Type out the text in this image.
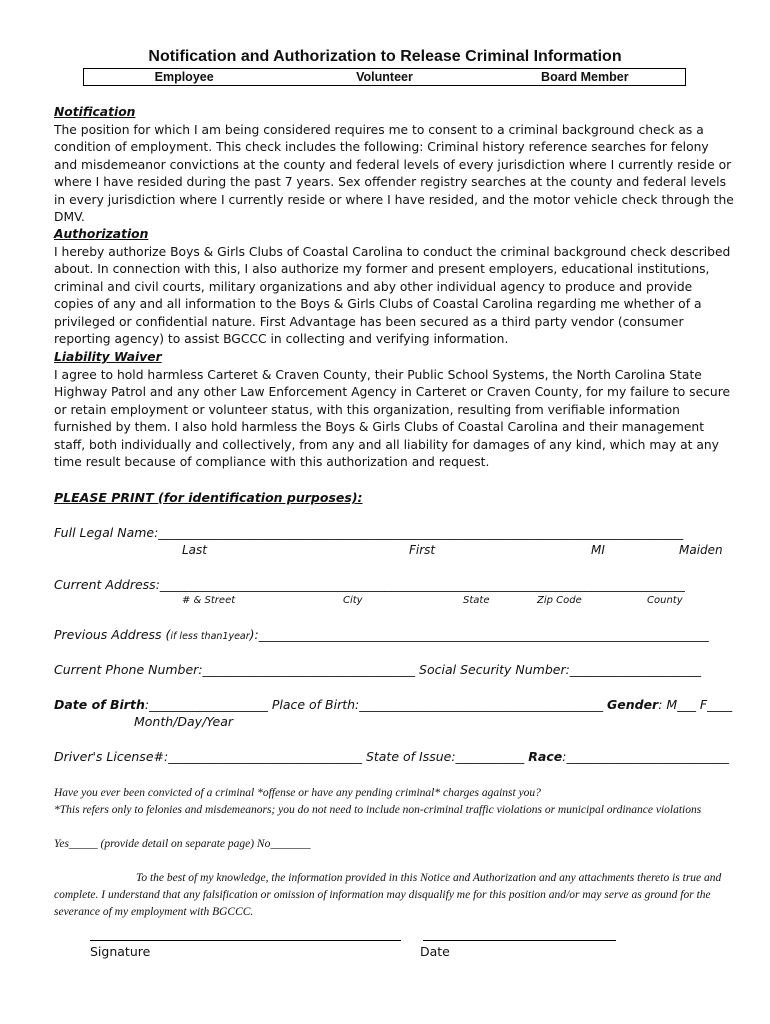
Notification and Authorization to Release Criminal Information
Employee	Volunteer	Board Member
Notification
The position for which I am being considered requires me to consent to a criminal background check as a condition of employment. This check includes the following: Criminal history reference searches for felony and misdemeanor convictions at the county and federal levels of every jurisdiction where I currently reside or where I have resided during the past 7 years. Sex offender registry searches at the county and federal levels in every jurisdiction where I currently reside or where I have resided, and the motor vehicle check through the DMV.
Authorization
I hereby authorize Boys & Girls Clubs of Coastal Carolina to conduct the criminal background check described about. In connection with this, I also authorize my former and present employers, educational institutions, criminal and civil courts, military organizations and aby other individual agency to produce and provide copies of any and all information to the Boys & Girls Clubs of Coastal Carolina regarding me whether of a privileged or confidential nature. First Advantage has been secured as a third party vendor (consumer reporting agency) to assist BGCCC in collecting and verifying information.
Liability Waiver
I agree to hold harmless Carteret & Craven County, their Public School Systems, the North Carolina State Highway Patrol and any other Law Enforcement Agency in Carteret or Craven County, for my failure to secure or retain employment or volunteer status, with this organization, resulting from verifiable information furnished by them. I also hold harmless the Boys & Girls Clubs of Coastal Carolina and their management staff, both individually and collectively, from any and all liability for damages of any kind, which may at any time result because of compliance with this authorization and request.
PLEASE PRINT (for identification purposes):
Full Legal Name:____________________________________________________________________________________
Last	First	MI	Maiden
Current Address:____________________________________________________________________________________
# & Street	City	State	Zip Code	County
Previous Address (if less than1year):________________________________________________________________________
Current Phone Number:__________________________________ Social Security Number:_____________________
Date of Birth:___________________ Place of Birth:_______________________________________ Gender: M___ F____
Month/Day/Year
Driver's License#:_______________________________ State of Issue:___________ Race:__________________________
Have you ever been convicted of a criminal *offense or have any pending criminal* charges against you?
*This refers only to felonies and misdemeanors; you do not need to include non-criminal traffic violations or municipal ordinance violations
Yes_____ (provide detail on separate page) No_______
To the best of my knowledge, the information provided in this Notice and Authorization and any attachments thereto is true and complete. I understand that any falsification or omission of information may disqualify me for this position and/or may serve as ground for the severance of my employment with BGCCC.
Signature	Date
